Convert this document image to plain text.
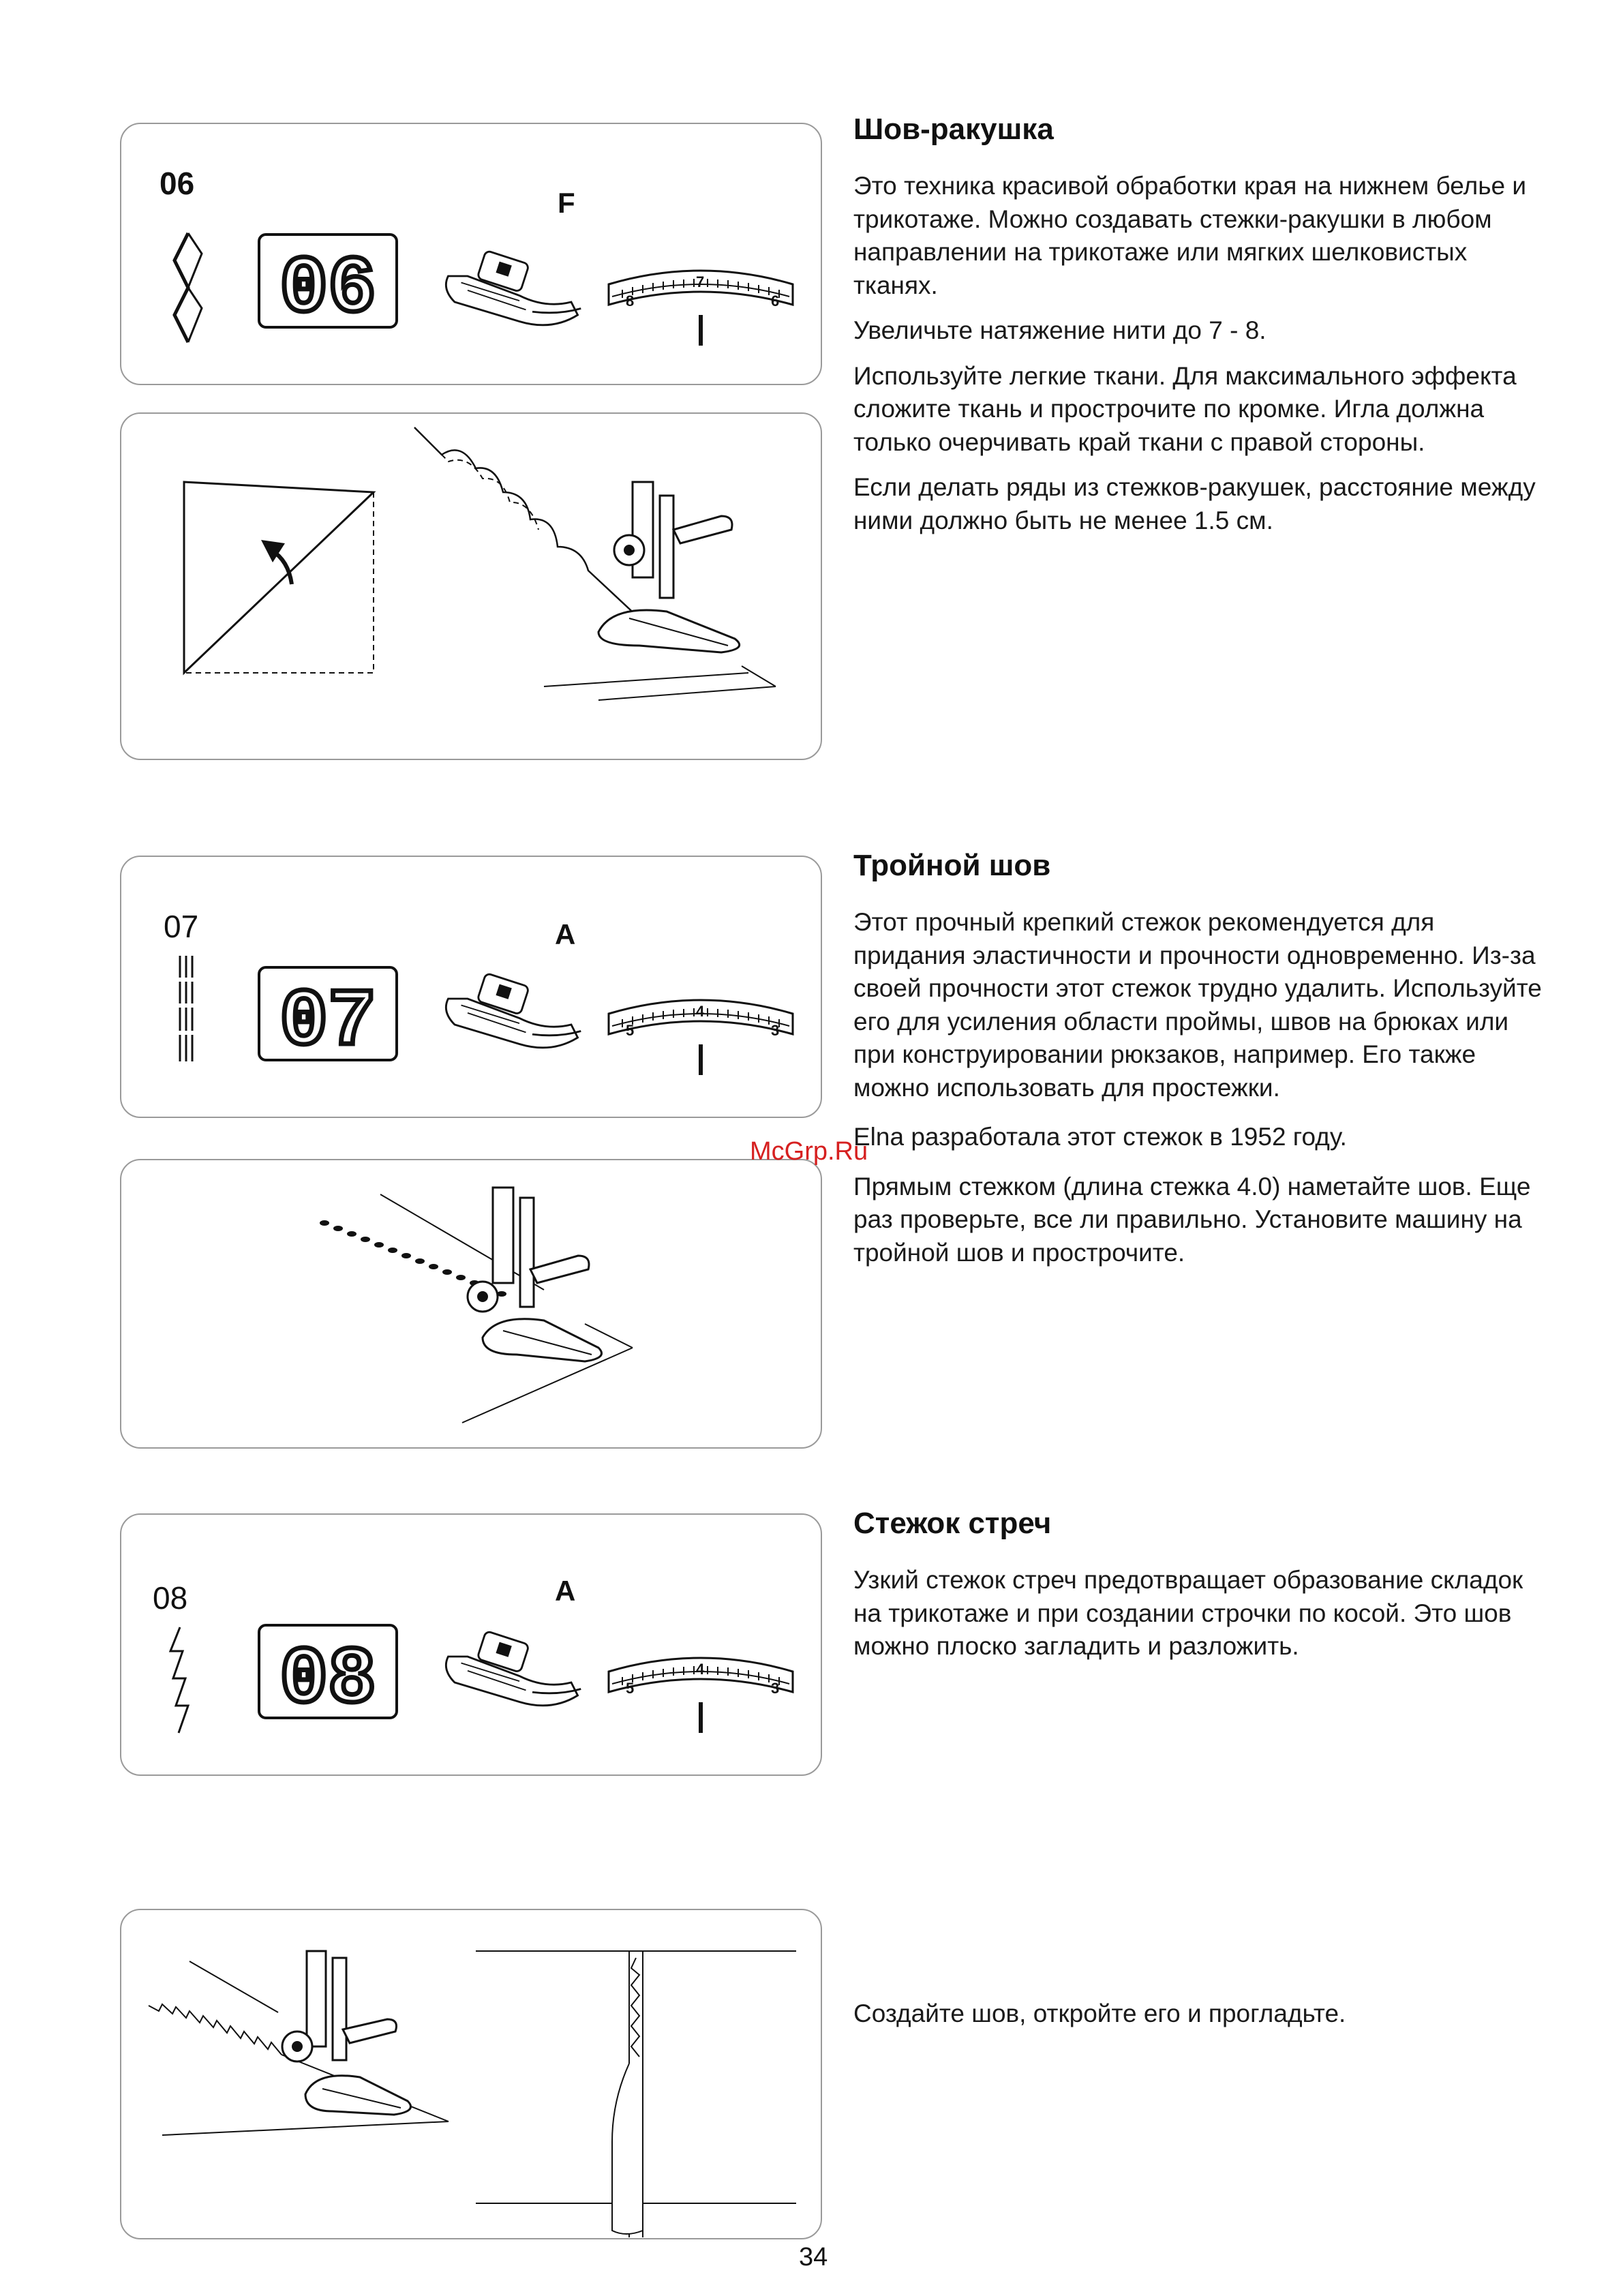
06
06
F
8
7
6
Шов-ракушка

Это техника красивой обработки края на нижнем белье и трикотаже. Можно создавать стежки-ракушки в любом направлении на трикотаже или мягких шелковистых тканях.

Увеличьте натяжение нити до 7 - 8.

Используйте легкие ткани. Для максимального эффекта сложите ткань и прострочите по кромке. Игла должна только очерчивать край ткани с правой стороны.

Если делать ряды из стежков-ракушек, расстояние между ними должно быть не менее 1.5 см.

07
07
A
5
4
3
Тройной шов

Этот прочный крепкий стежок рекомендуется для придания эластичности и прочности одновременно. Из-за своей прочности этот стежок трудно удалить. Используйте его для усиления области проймы, швов на брюках или при конструировании рюкзаков, например. Его также можно использовать для простежки.

Elna разработала этот стежок в 1952 году.

Прямым стежком (длина стежка 4.0) наметайте шов. Еще раз проверьте, все ли правильно. Установите машину на тройной шов и прострочите.

McGrp.Ru
08
08
A
5
4
3
Стежок стреч

Узкий стежок стреч предотвращает образование складок на трикотаже и при создании строчки по косой. Это шов можно плоско загладить и разложить.

Создайте шов, откройте его и прогладьте.

34
